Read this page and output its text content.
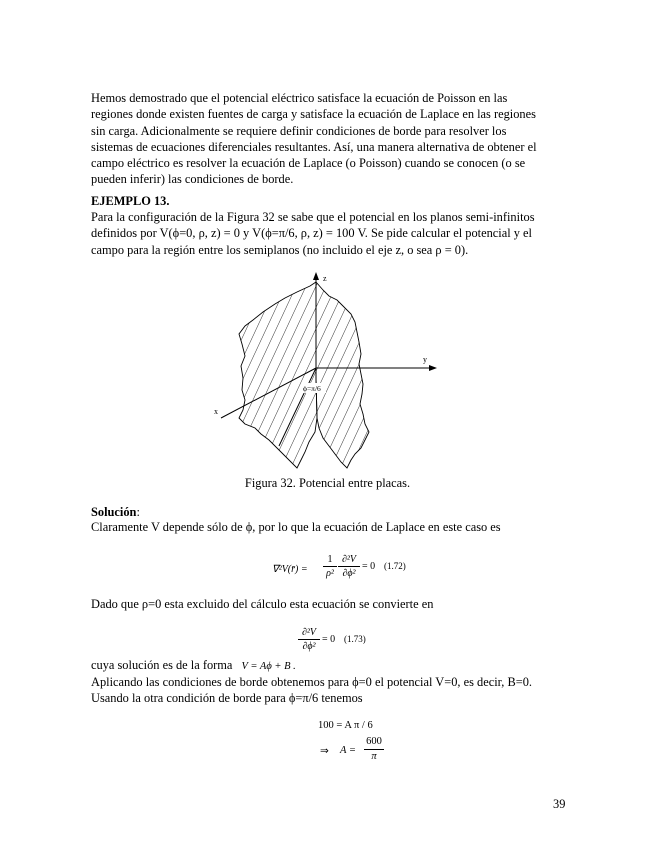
Hemos demostrado que el potencial eléctrico satisface la ecuación de Poisson en las
regiones donde existen fuentes de carga y satisface la ecuación de Laplace en las regiones
sin carga. Adicionalmente se requiere definir condiciones de borde para resolver los
sistemas de ecuaciones diferenciales resultantes. Así, una manera alternativa de obtener el
campo eléctrico es resolver la ecuación de Laplace (o Poisson) cuando se conocen (o se
pueden inferir) las condiciones de borde.
EJEMPLO 13.
Para la configuración de la Figura 32 se sabe que el potencial en los planos semi-infinitos
definidos por V(ϕ=0, ρ, z) = 0 y V(ϕ=π/6, ρ, z) = 100 V. Se pide calcular el potencial y el
campo para la región entre los semiplanos (no incluido el eje z, o sea ρ = 0).
z
y
x
ϕ=π/6
Figura 32. Potencial entre placas.
Solución:
Claramente V depende sólo de ϕ, por lo que la ecuación de Laplace en este caso es
∇²V(r̄) =
1
ρ²
∂²V
∂ϕ²
= 0 (1.72)
Dado que ρ=0 esta excluido del cálculo esta ecuación se convierte en
∂²V
∂ϕ²
= 0 (1.73)
cuya solución es de la forma V = Aϕ + B .
Aplicando las condiciones de borde obtenemos para ϕ=0 el potencial V=0, es decir, B=0.
Usando la otra condición de borde para ϕ=π/6 tenemos
100 = A π / 6
⇒ A =
600
π
39
